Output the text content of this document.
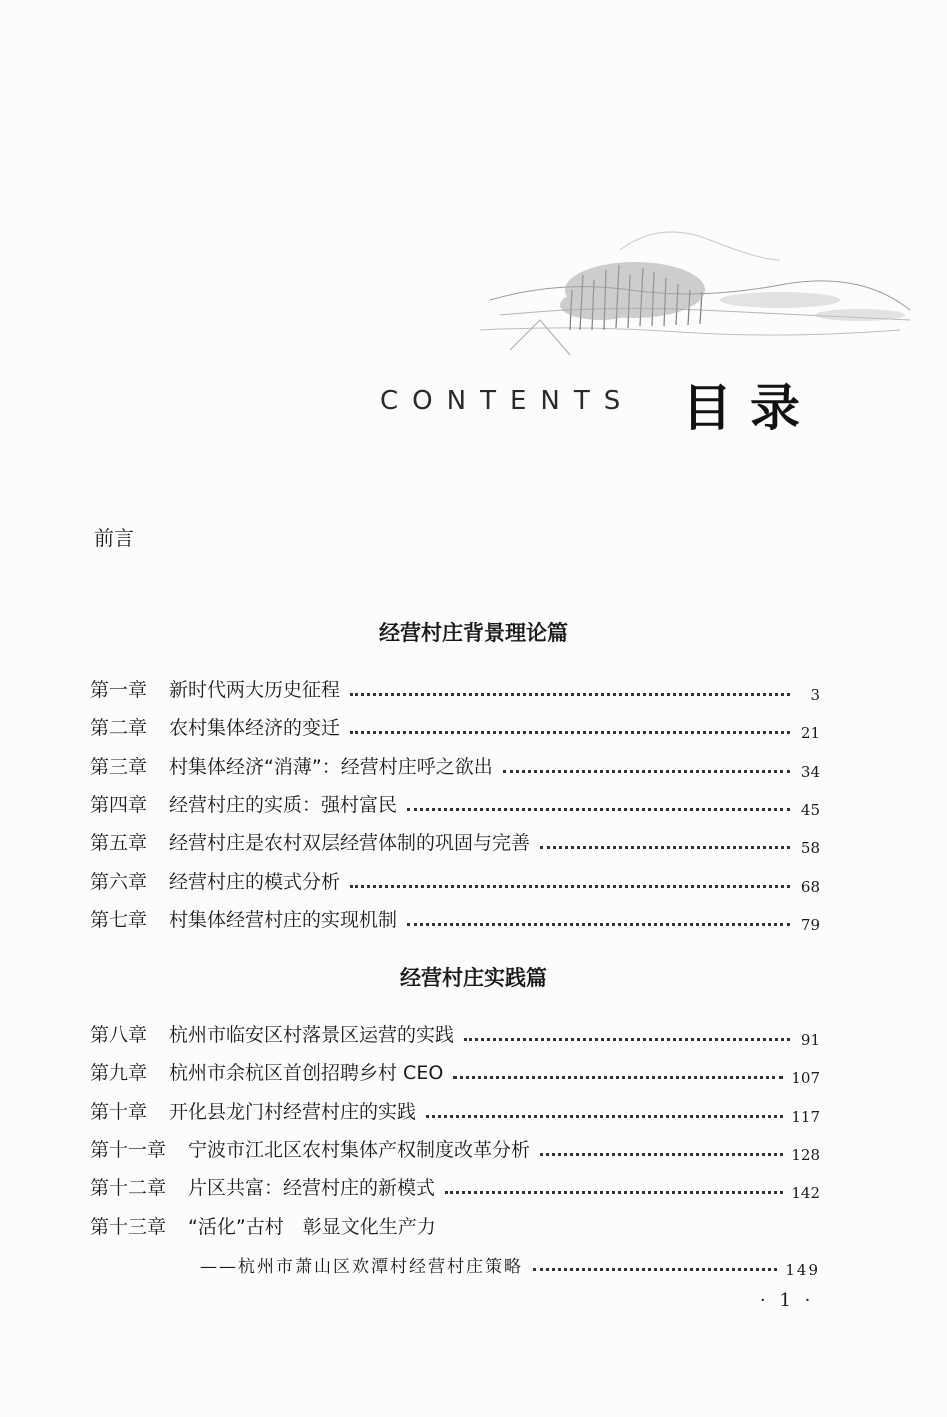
CONTENTS 目录
前言
经营村庄背景理论篇
第一章 新时代两大历史征程	3
第二章 农村集体经济的变迁	21
第三章 村集体经济“消薄”：经营村庄呼之欲出	34
第四章 经营村庄的实质：强村富民	45
第五章 经营村庄是农村双层经营体制的巩固与完善	58
第六章 经营村庄的模式分析	68
第七章 村集体经营村庄的实现机制	79
经营村庄实践篇
第八章 杭州市临安区村落景区运营的实践	91
第九章 杭州市余杭区首创招聘乡村 CEO	107
第十章 开化县龙门村经营村庄的实践	117
第十一章 宁波市江北区农村集体产权制度改革分析	128
第十二章 片区共富：经营村庄的新模式	142
第十三章 “活化”古村　彰显文化生产力
——杭州市萧山区欢潭村经营村庄策略	149
· 1 ·
